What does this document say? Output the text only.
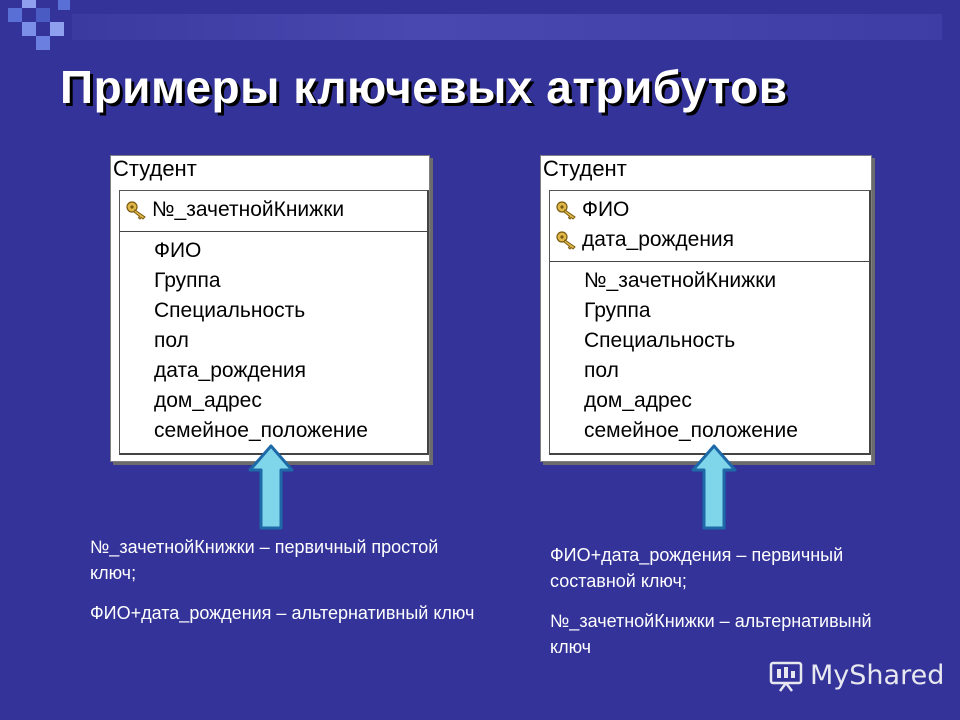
Примеры ключевых атрибутов
Студент
№_зачетнойКнижки
ФИО
Группа
Специальность
пол
дата_рождения
дом_адрес
семейное_положение
Студент
ФИО
дата_рождения
№_зачетнойКнижки
Группа
Специальность
пол
дом_адрес
семейное_положение

№_зачетнойКнижки – первичный простой ключ;

ФИО+дата_рождения – альтернативный ключ

ФИО+дата_рождения – первичный составной ключ;

№_зачетнойКнижки – альтернативынй ключ

MyShared
